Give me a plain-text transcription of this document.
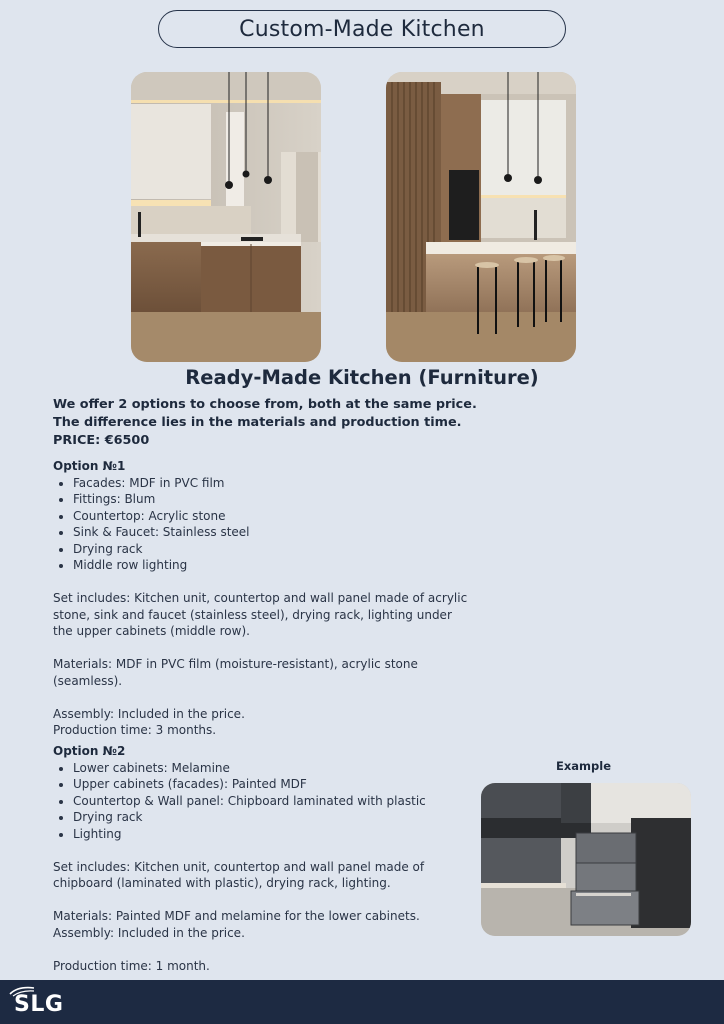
Custom-Made Kitchen
Ready-Made Kitchen (Furniture)
We offer 2 options to choose from, both at the same price.
The difference lies in the materials and production time.
PRICE: €6500
Option №1
• Facades: MDF in PVC film
• Fittings: Blum
• Countertop: Acrylic stone
• Sink & Faucet: Stainless steel
• Drying rack
• Middle row lighting

Set includes: Kitchen unit, countertop and wall panel made of acrylic stone, sink and faucet (stainless steel), drying rack, lighting under the upper cabinets (middle row).

Materials: MDF in PVC film (moisture-resistant), acrylic stone (seamless).

Assembly: Included in the price.

Production time: 3 months.

Option №2
• Lower cabinets: Melamine
• Upper cabinets (facades): Painted MDF
• Countertop & Wall panel: Chipboard laminated with plastic
• Drying rack
• Lighting

Set includes: Kitchen unit, countertop and wall panel made of chipboard (laminated with plastic), drying rack, lighting.

Materials: Painted MDF and melamine for the lower cabinets.

Assembly: Included in the price.

Production time: 1 month.

Example
SLG
